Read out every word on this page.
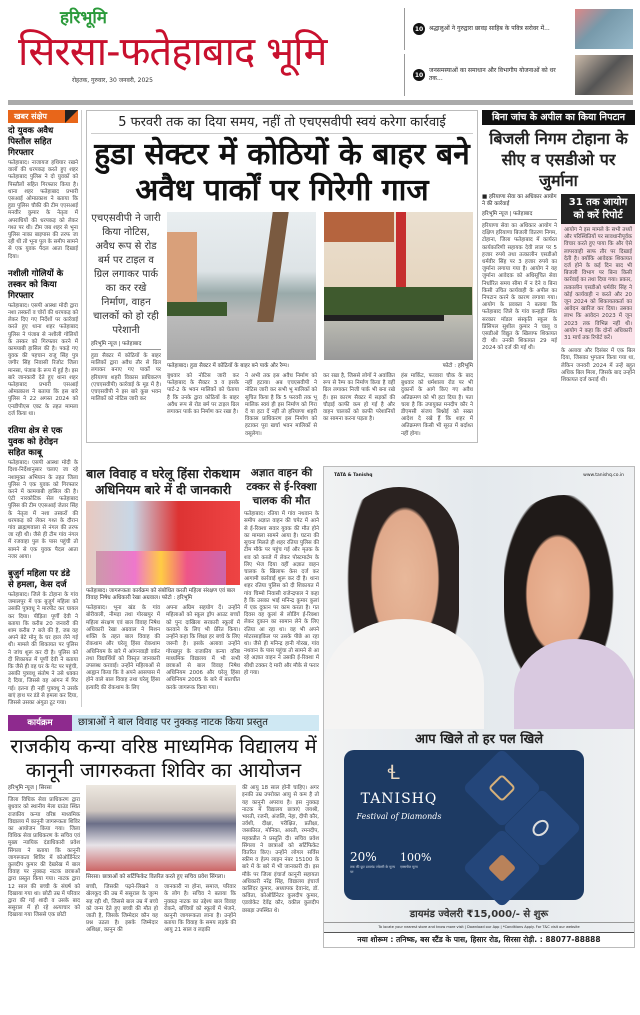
हरिभूमि
सिरसा-फतेहाबाद भूमि
रोहतक, गुरुवार, 30 जनवरी, 2025
10 श्रद्धालुओं ने गुरुद्वारा छावड़ साहिब के पवित्र सरोवर में...
10
जनसमस्याओं का समाधान और विभागीय योजनाओं को धर तक...
खबर संक्षेप
दो युवक अवैध पिस्तौल सहित गिरफ्तार
फतेहाबाद। नाजायज हथियार रखने वालों की धरपकड़ करते हुए शहर फतेहाबाद पुलिस ने दो युवकों को पिस्तौलों सहित गिरफ्तार किया है। थाना शहर फतेहाबाद प्रभारी एसआई ओमप्रकाश ने बताया कि हुडा पुलिस चौकी की टीम एएसआई मनवीर कुमार के नेतृत्व में अपराधियों की धरपकड़ को लेकर गश्त पर थी। टीम जब शहर से भूना पुलिस नाका बाइपास की तरफ जा रही थी तो भूना पुल के समीप सामने से एक युवक पैदल आता दिखाई दिया।
नशीली गोलियों के तस्कर को किया गिरफ्तार
फतेहाबाद। एसपी आस्था मोदी द्वारा नशा तस्करों व चोरों की धरपकड़ को लेकर दिए गए निर्देशों पर कार्रवाई करते हुए थाना शहर फतेहाबाद पुलिस ने पंजाब से नशीली गोलियों के तस्कर को गिरफ्तार करने में कामयाबी हासिल की है। पकड़े गए युवक की पहचान राजू सिंह पुत्र जगीर सिंह निवासी रिजोट जिला मानसा, पंजाब के रूप में हुई है। इस बारे जानकारी देते हुए थाना शहर फतेहाबाद प्रभारी एसआई ओमप्रकाश ने बताया कि इस बारे पुलिस ने 22 अगस्त 2024 को एनडीपीएस एक्ट के तहत मामला दर्ज किया था।
रतिया क्षेत्र से एक युवक को हेरोइन सहित काबू
फतेहाबाद। एसपी आस्था मोदी के दिशा-निर्देशानुसार चलाए जा रहे नशामुक्त अभियान के तहत जिला पुलिस ने एक युवक को गिरफ्तार करने में कामयाबी हासिल की है। एंटी नारकोटिक सेल फतेहाबाद पुलिस की टीम एएसआई जेतार सिंह के नेतृत्व में नशा तस्करों की धरपकड़ को लेकर गश्त के दौरान गांव ब्राह्मणवाला से नंगल की तरफ जा रही थी। जैसे ही टीम गांव नंगल में रजवाहा पुल के पास पहुंची तो सामने से एक युवक पैदल आता नजर आया।
बुजुर्ग महिला पर डंडे से हमला, केस दर्ज
फतेहाबाद। जिले के टोहाना के गांव जमालपुर में एक बुजुर्ग महिला को उसकी पुत्रवधू ने मारपीट कर घायल कर दिया। पीड़िता पूर्णी देवी ने बताया कि करीब 20 जनवरी की शाम करीब 7 बजे की है, जब वह अपने बेटे मोनू के घर हाल लेने गई थी। मामले की शिकायत पर पुलिस ने जांच शुरू कर दी है। पुलिस को दी शिकायत में पूर्णी देवी ने बताया कि जैसे ही वह घर के गेट पर पहुंची, उसकी पुत्रवधू संतोष ने उसे धक्का दे दिया, जिससे वह आंगन में गिर गई। इतना ही नहीं पुत्रवधू ने उसके बाएं हाथ पर डंडे से हमला कर दिया, जिससे उसका अंगूठा टूट गया।
5 फरवरी तक का दिया समय, नहीं तो एचएसवीपी स्वयं करेगा कार्रवाई
हुडा सेक्टर में कोठियों के बाहर बने अवैध पार्कों पर गिरेगी गाज
एचएसवीपी ने जारी किया नोटिस, अवैध रूप से रोड बर्म पर टाइल व ग्रिल लगाकर पार्क का कर रखे निर्माण, वाहन चालकों को हो रही परेशानी
हरिभूमि न्यूज | फतेहाबाद
हुडा सैक्टर में कोठियों के बाहर मालिकों द्वारा अवैध तौर से ग्रिल लगाकर बनाए गए पार्कों पर हरियाणा शहरी विकास प्राधिकरण (एचएसवीपी) कार्रवाई के मूड में है। एचएसवीपी ने इस बारे कुछ भवन मालिकों को नोटिस जारी कर
फतेहाबाद। हुडा सैक्टर में कोठियों के बाहर बने पार्क और रैम्प।	फोटो : हरिभूमि
बुधवार को नोटिस जारी कर फतेहाबाद के सैक्टर 3 व इसके पार्ट-2 के भवन मालिकों को चेताया है कि उनके द्वारा कोठियों के बाहर अवैध रूप से रोड बर्म पर टाइल ग्रिल लगाकर पार्क का निर्माण कर रखा है।
ने अभी तक इस अवैध निर्माण को नहीं हटाया। अब एचएसवीपी ने नोटिस जारी कर सभी भू मालिकों को सूचित किया है कि 5 फरवरी तक भू मालिक स्वयं ही इस निर्माण को गिरा दें या हटा दें नहीं तो हरियाणा शहरी विकास प्राधिकरण इस निर्माण को हटाकर पूरा खर्चा भवन मालिकों से वसूलेगा।
कर रखा है, जिससे लोगों ने अवांछित रूप से रैम्प का निर्माण किया है वहीं ग्रिल लगाकर निजी पार्क भी बना रखे हैं। इस कारण सैक्टर में सड़कों की चौड़ाई काफी कम हो गई है और वाहन चालकों को काफी परेशानियों का सामना करना पड़ता है।
हंस मार्किट, फव्वारा चौक के बाद बुधवार को धर्मशाला रोड पर भी दुकानों के आगे किए गए अवैध अतिक्रमण को भी हटा दिया है। पता चला है कि उपायुक्त मनदीप कौर ने डीएमसी संजय बिश्नोई को सख्त आदेश दे रखे हैं कि शहर में अतिक्रमण किसी भी सूरत में बर्दाश्त नहीं होगा।
बिना जांच के अपील का किया निपटान
बिजली निगम टोहाना के सीए व एसडीओ पर जुर्माना
■ हरियाणा सेवा का अधिकार आयोग ने की कार्रवाई
हरिभूमि न्यूज | फतेहाबाद
हरियाणा सेवा का अधिकार आयोग ने दक्षिण हरियाणा बिजली वितरण निगम, टोहाना, जिला फतेहाबाद में कार्यरत कार्यकारिणी सहायक देवी लाल पर 5 हजार रुपये तथा तत्कालीन एसडीओ धर्मवीर सिंह पर 3 हजार रुपये का जुर्माना लगाया गया है। आयोग ने यह जुर्माना आवेदक को अधिसूचित सेवा निर्धारित समय सीमा में न देने व बिना किसी उचित कार्यवाही के अपील का निपटान करने के कारण लगाया गया। आयोग के प्रवक्ता ने बताया कि फतेहाबाद जिले के गांव कन्हड़ी स्थित सरकार मॉडल संस्कृति स्कूल के प्रिंसिपल सुशील कुमार ने चालू व एसडीओ विद्युत के खिलाफ शिकायत दी थी। उनकी शिकायत 29 मई 2024 को दर्ज की गई थी।
31 तक आयोग को करें रिपोर्ट
आयोग ने इस मामले के सभी तथ्यों और परिस्थितियों पर सावधानीपूर्वक विचार करते हुए पाया कि और ऐसे लापरवाही साफ तौर पर दिखाई देती है। क्योंकि आवेदक शिकायत दर्ज होने के कई दिन बाद भी बिजली विभाग पर बिना किसी कार्रवाई का तथा दिया गया। प्रकार, तत्कालीन एसडीओ धर्मवीर सिंह ने कोई कार्यवाही न करते और 20 जून 2024 को शिकायतकर्ता का आवेदन खारिज कर दिया। उसका लाभ कि आवेदन 2023 में जून 2023 तक विभिन्न नहीं थी। आयोग ने कहा कि दोनों अधिकारी 31 मार्च तक रिपोर्ट करें।
के अलावा और दिसंबर में एक बिल दिया, जिसका भुगतान किया गया था, लेकिन जनवरी 2024 में उन्हें बहुत अधिक बिल मिला, जिसके बाद उन्होंने शिकायत दर्ज कराई थी।
बाल विवाह व घरेलू हिंसा रोकथाम अधिनियम बारे में दी जानकारी
फतेहाबाद। जागरूकता कार्यक्रम को संबोधित करती महिला संरक्षण एवं बाल विवाह निषेध अधिकारी रेखा अग्रवाल। फोटो : हरिभूमि
फतेहाबाद। भूना खंड के गांव बोरीवाली, नीमड़ा तथा गोरखपुर में महिला संरक्षण एवं बाल विवाह निषेध अधिकारी रेखा अग्रवाल ने मिशन शक्ति के तहत बाल विवाह की रोकथाम और घरेलू हिंसा रोकथाम अधिनियम के बारे में आंगनवाड़ी वर्कर तथा विद्यार्थियों को विस्तृत जानकारी उपलब्ध करवाई। उन्होंने महिलाओं से आह्वान किया कि वे अपने आसपास में होने वाले बाल विवाह तथा घरेलू हिंसा इत्यादि की रोकथाम के लिए
अपना अग्रिम सहयोग दें। उन्होंने महिलाओं को स्कूल ड्रॉप आउट बच्चों को पुनः दाखिला सरकारी स्कूलों में करवाने के लिए भी प्रेरित किया। उन्होंने कहा कि शिक्षा हर बच्चे के लिए जरूरी है। इसके अलावा उन्होंने गोरखपुर के राजकीय कन्या वरिष्ठ माध्यमिक विद्यालय में भी सभी छात्राओं से बाल विवाह निषेध अधिनियम 2006 और घरेलू हिंसा अधिनियम 2005 के बारे में बातचीत करके जागरूक किया गया।
अज्ञात वाहन की टक्कर से ई-रिक्शा चालक की मौत
फतेहाबाद। रतिया में गांव नथवान के समीप अज्ञात वाहन की चपेट में आने से ई-रिक्शा सवार युवक की मौत होने का मामला सामने आया है। घटना की सूचना मिलते ही शहर रतिया पुलिस की टीम मौके पर पहुंच गई और मृतक के शव को कब्जे में लेकर पोस्टमार्टम के लिए भेज दिया वहीं अज्ञात वाहन चालक के खिलाफ केस दर्ज कर आगामी कार्रवाई शुरू कर दी है। थाना शहर रतिया पुलिस को दी शिकायत में गांव चिम्मो निवासी राजेन्द्रपाल ने कहा है कि उसका भाई मनिन्द्र कुमार कुलां में एक दुकान पर काम करता है। गत दिवस वह कुलां से लोडिंग ई-रिक्शा लेकर दुकान का सामान लेने के लिए रतिया आ रहा था। वह भी अपने मोटरसाइकिल पर उसके पीछे आ रहा था। जैसे ही मनिन्द्र हानी गोरख, गांव नथवान के पास पहुंचा तो सामने से आ रहे अज्ञात वाहन ने उसकी ई-रिक्शा में सीधी टक्कर दे मारी और मौके से फरार हो गया।
कार्यक्रम	छात्राओं ने बाल विवाह पर नुक्कड़ नाटक किया प्रस्तुत
राजकीय कन्या वरिष्ठ माध्यमिक विद्यालय में कानूनी जागरुकता शिविर का आयोजन
हरिभूमि न्यूज | सिरसा
जिला विधिक सेवा प्राधिकरण द्वारा बुधवार को स्थानीय मेला ग्राउंड स्थित राजकीय कन्या वरिष्ठ माध्यमिक विद्यालय में कानूनी जागरूकता शिविर का आयोजन किया गया। जिला विधिक सेवा प्राधिकरण के सचिव एवं मुख्य न्यायिक दंडाधिकारी प्रवेश सिंगला ने बताया कि कानूनी जागरूकता शिविर में कोऑर्डिनेटर कुलदीप कुमार की देखरेख में बाल विवाह पर नुक्कड़ नाटक छात्राओं द्वारा प्रस्तुत किया गया। नाटक द्वारा 12 साल की बच्ची के संघर्ष को दिखाया गया था। छोटी उम्र में परिवार द्वारा की गई शादी व उसके बाद ससुराल में हो रहे अत्याचार को दिखाया गया जिससे एक छोटी
सिरसा। छात्राओं को सर्टिफिकेट वितरित करते हुए सचिव प्रवेश सिंगला।
बच्ची, जिसकी पढ़ने-लिखने व खेलकूद की उम्र में ससुराल के जुल्म सह रही थी, जिससे बाल उम्र में बच्चे को जन्म देते हुए बच्ची की मौत हो जाती है, जिसके जिम्मेदार कौन यह प्रश्न उठता है। इसके जिम्मेदार अशिक्षा, कानून की
जानकारी ना होना, समाज, परिवार के लोग है। सचिव ने बताया कि नुक्कड़ नाटक का उद्देश्य बाल विवाह रोकने, बच्चियों को स्कूलों में भेजने, कानूनी जागरूकता लाना है। उन्होंने बताया कि विवाह के समय लड़के की आयु 21 साल व लड़की
की आयु 18 साल होनी चाहिए। अगर इनकी उम्र उपरोक्त आयु से कम है तो यह कानूनी अपराध है। इस नुक्कड़ नाटक में विद्यालय छात्राएं जयश्री, भारती, रजनी, अंजलि, नेहा, दीपी कौर, उर्वशी, दीक्षा, परीक्षित, प्रतीक्षा, जसकीरत, मोनिका, आरती, रमनदीप, महकप्रीत ने प्रस्तुति दी। सचिव प्रवेश सिंगला ने छात्राओं को सर्टिफिकेट वितरित किए। उन्होंने लोगल सर्विस स्कीम व हेल्प लाइन नंबर 15100 के बारे में के बारे में भी जानकारी दी। इस मौके पर जिला इंचार्ज कानूनी सहायता अधिकारी नरेंद्र सिंह, विद्यालय इंचार्ज कालिंदर कुमार, अध्यापक देवानंद, डॉ. कविता, कोऑर्डिनेटर कुलदीप कुमार, एडवोकेट देवेंद्र कौर, वकील कुलदीप छाबड़ा उपस्थित थे।
TATA & Tanishq	www.tanishq.co.in
आप खिले तो हर पल खिले
Ɬ
TANISHQ
Festival of Diamonds
20%
तक की छूट डायमंड ज्वेलरी के मूल्य पर
100%
एक्सचेंज मूल्य
डायमंड ज्वेलरी ₹15,000/- से शुरू
To locate your nearest store and know more visit | Download our App | *Conditions Apply. For T&C visit our website
नया शोरूम : तनिष्क, बस स्टैंड के पास, हिसार रोड, सिरसा रोड़ी. : 88077-88888
